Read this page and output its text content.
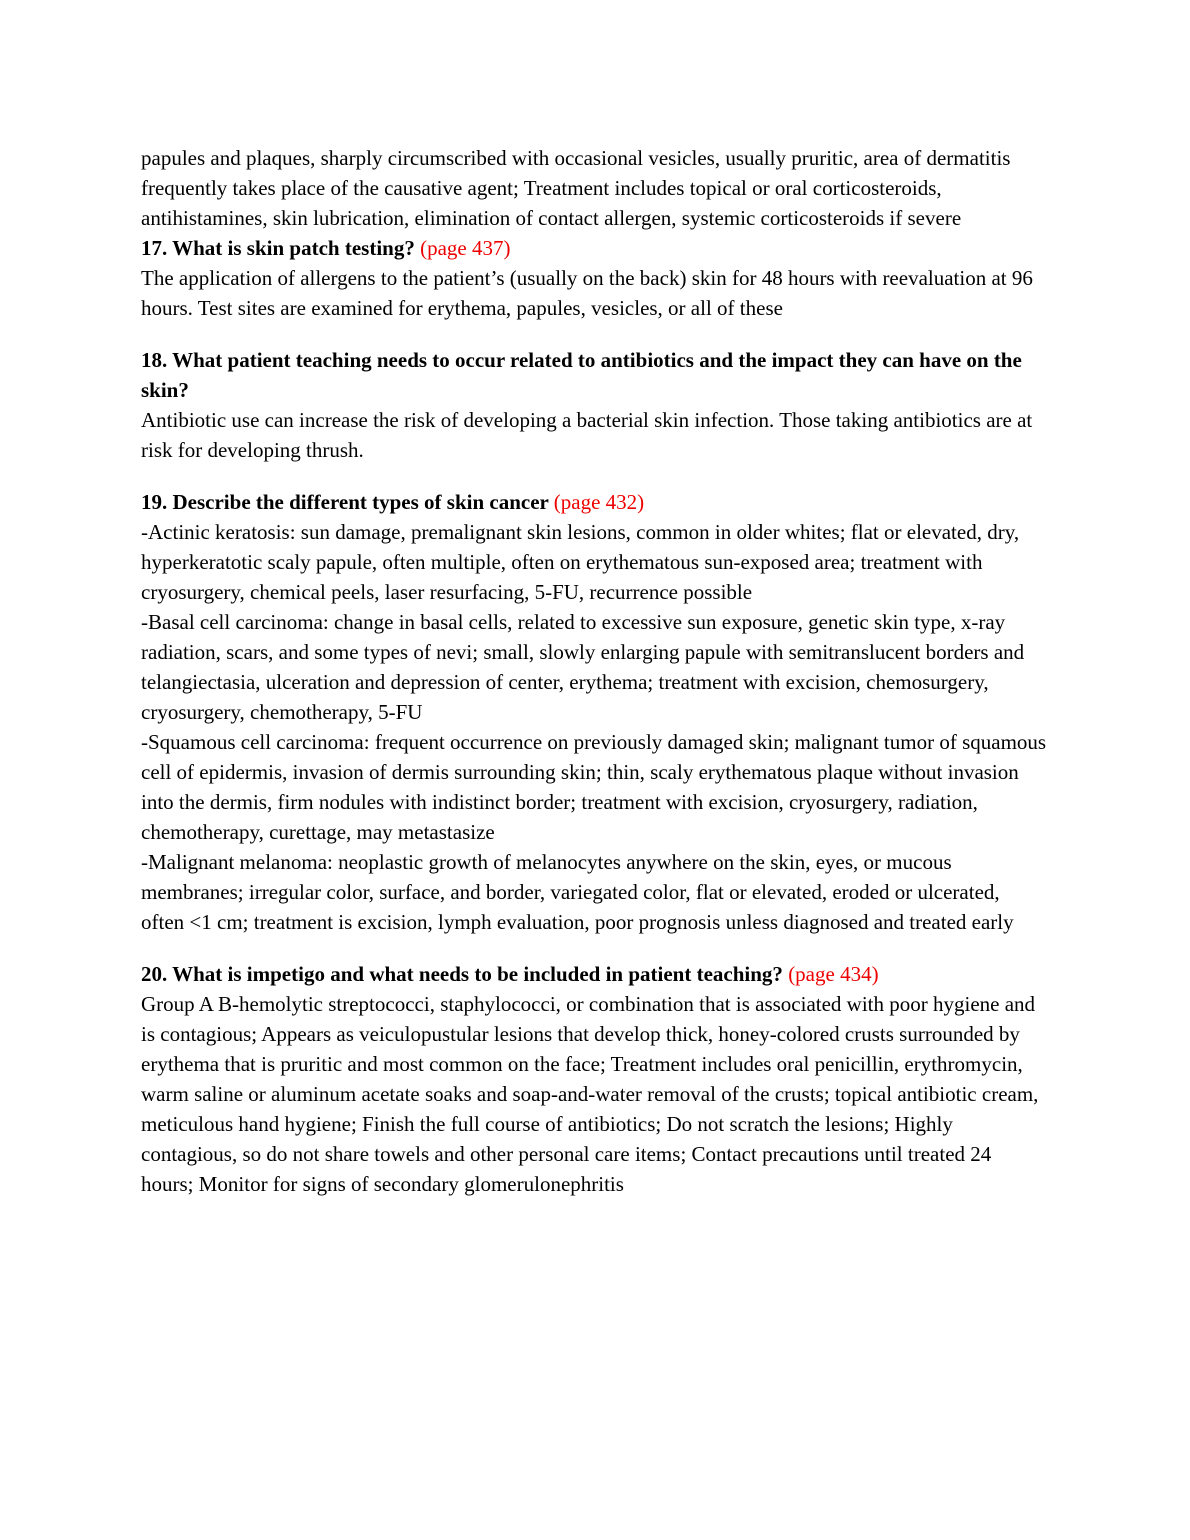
papules and plaques, sharply circumscribed with occasional vesicles, usually pruritic, area of dermatitis frequently takes place of the causative agent; Treatment includes topical or oral corticosteroids, antihistamines, skin lubrication, elimination of contact allergen, systemic corticosteroids if severe

17. What is skin patch testing? (page 437)

The application of allergens to the patient’s (usually on the back) skin for 48 hours with reevaluation at 96 hours. Test sites are examined for erythema, papules, vesicles, or all of these

18. What patient teaching needs to occur related to antibiotics and the impact they can have on the skin?

Antibiotic use can increase the risk of developing a bacterial skin infection. Those taking antibiotics are at risk for developing thrush.

19. Describe the different types of skin cancer (page 432)

-Actinic keratosis: sun damage, premalignant skin lesions, common in older whites; flat or elevated, dry, hyperkeratotic scaly papule, often multiple, often on erythematous sun-exposed area; treatment with cryosurgery, chemical peels, laser resurfacing, 5-FU, recurrence possible

-Basal cell carcinoma: change in basal cells, related to excessive sun exposure, genetic skin type, x-ray radiation, scars, and some types of nevi; small, slowly enlarging papule with semitranslucent borders and telangiectasia, ulceration and depression of center, erythema; treatment with excision, chemosurgery, cryosurgery, chemotherapy, 5-FU

-Squamous cell carcinoma: frequent occurrence on previously damaged skin; malignant tumor of squamous cell of epidermis, invasion of dermis surrounding skin; thin, scaly erythematous plaque without invasion into the dermis, firm nodules with indistinct border; treatment with excision, cryosurgery, radiation, chemotherapy, curettage, may metastasize

-Malignant melanoma: neoplastic growth of melanocytes anywhere on the skin, eyes, or mucous membranes; irregular color, surface, and border, variegated color, flat or elevated, eroded or ulcerated, often <1 cm; treatment is excision, lymph evaluation, poor prognosis unless diagnosed and treated early

20. What is impetigo and what needs to be included in patient teaching? (page 434)

Group A B-hemolytic streptococci, staphylococci, or combination that is associated with poor hygiene and is contagious; Appears as veiculopustular lesions that develop thick, honey-colored crusts surrounded by erythema that is pruritic and most common on the face; Treatment includes oral penicillin, erythromycin, warm saline or aluminum acetate soaks and soap-and-water removal of the crusts; topical antibiotic cream, meticulous hand hygiene; Finish the full course of antibiotics; Do not scratch the lesions; Highly contagious, so do not share towels and other personal care items; Contact precautions until treated 24 hours; Monitor for signs of secondary glomerulonephritis
